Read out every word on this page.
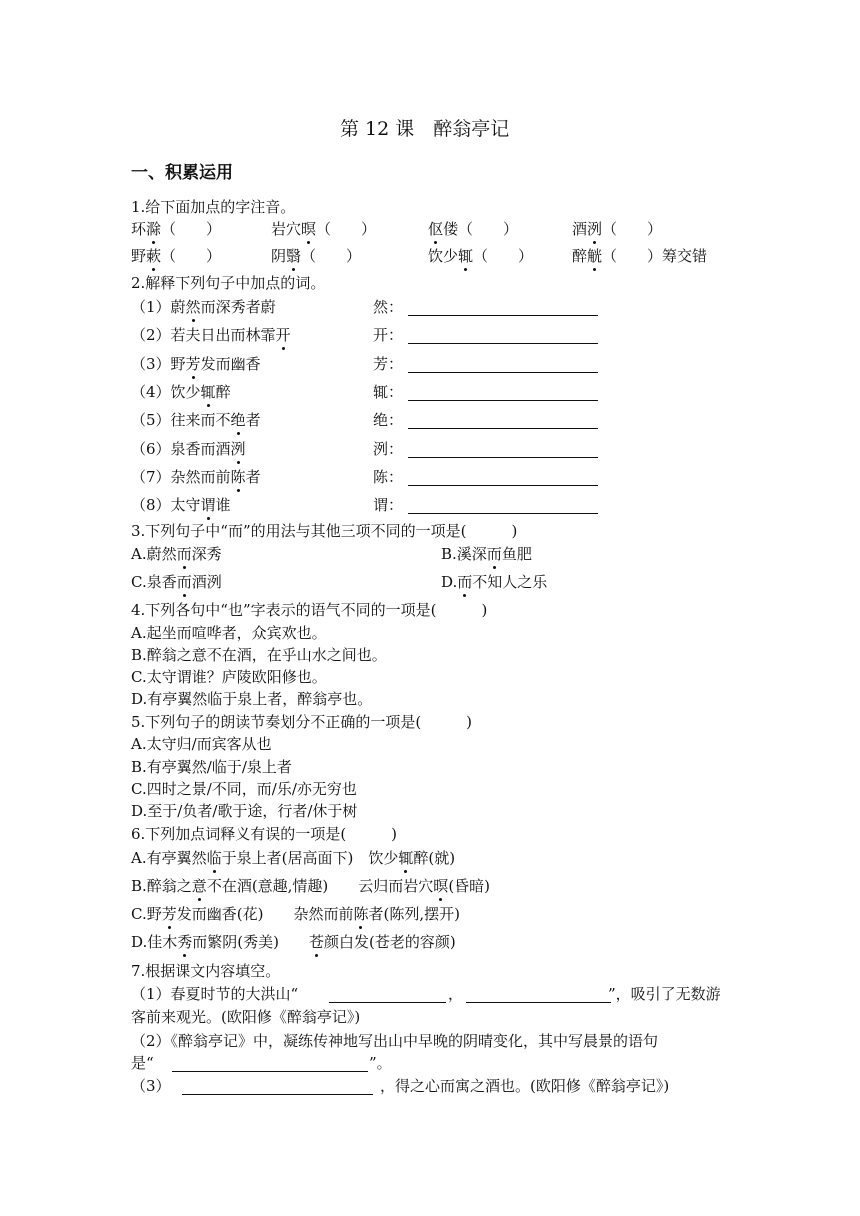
第 12 课　醉翁亭记
一、积累运用
1.给下面加点的字注音。
环滁（　　）	岩穴暝（　　）	伛偻（　　）	酒洌（　　）
野蔌（　　）	阴翳（　　）	饮少辄（　　）	醉觥（　　）筹交错
2.解释下列句子中加点的词。
（1）蔚然而深秀者蔚	然：
（2）若夫日出而林霏开	开：
（3）野芳发而幽香	芳：
（4）饮少辄醉	辄：
（5）往来而不绝者	绝：
（6）泉香而酒洌	洌：
（7）杂然而前陈者	陈：
（8）太守谓谁	谓：
3.下列句子中“而”的用法与其他三项不同的一项是(　　　)
A.蔚然而深秀	B.溪深而鱼肥
C.泉香而酒洌	D.而不知人之乐
4.下列各句中“也”字表示的语气不同的一项是(　　　)
A.起坐而喧哗者，众宾欢也。
B.醉翁之意不在酒，在乎山水之间也。
C.太守谓谁？庐陵欧阳修也。
D.有亭翼然临于泉上者，醉翁亭也。
5.下列句子的朗读节奏划分不正确的一项是(　　　)
A.太守归/而宾客从也
B.有亭翼然/临于/泉上者
C.四时之景/不同，而/乐/亦无穷也
D.至于/负者/歌于途，行者/休于树
6.下列加点词释义有误的一项是(　　　)
A.有亭翼然临于泉上者(居高面下)　饮少辄醉(就)
B.醉翁之意不在酒(意趣,情趣)　　云归而岩穴暝(昏暗)
C.野芳发而幽香(花)　　杂然而前陈者(陈列,摆开)
D.佳木秀而繁阴(秀美)　　苍颜白发(苍老的容颜)
7.根据课文内容填空。
（1）春夏时节的大洪山“	，	”，吸引了无数游
客前来观光。(欧阳修《醉翁亭记》)
（2）《醉翁亭记》中，凝练传神地写出山中早晚的阴晴变化，其中写晨景的语句
是“	”。
（3）	，得之心而寓之酒也。(欧阳修《醉翁亭记》)
